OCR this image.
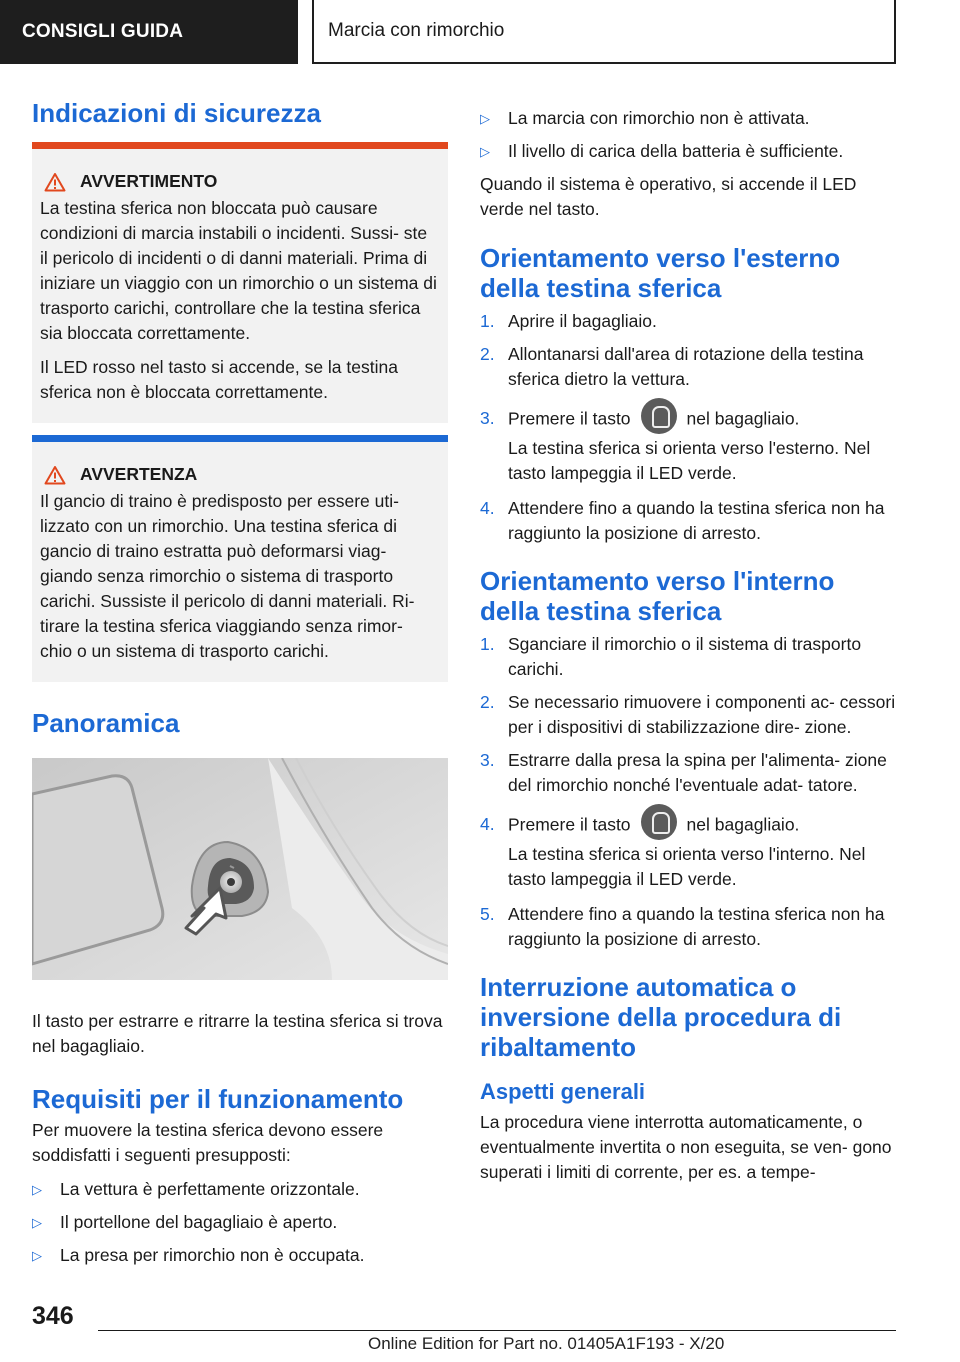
CONSIGLI GUIDA	Marcia con rimorchio
Indicazioni di sicurezza
AVVERTIMENTO

La testina sferica non bloccata può causare condizioni di marcia instabili o incidenti. Sussi- ste il pericolo di incidenti o di danni materiali. Prima di iniziare un viaggio con un rimorchio o un sistema di trasporto carichi, controllare che la testina sferica sia bloccata correttamente.

Il LED rosso nel tasto si accende, se la testina sferica non è bloccata correttamente.

AVVERTENZA

Il gancio di traino è predisposto per essere uti- lizzato con un rimorchio. Una testina sferica di gancio di traino estratta può deformarsi viag- giando senza rimorchio o sistema di trasporto carichi. Sussiste il pericolo di danni materiali. Ri- tirare la testina sferica viaggiando senza rimor- chio o un sistema di trasporto carichi.

Panoramica

Il tasto per estrarre e ritrarre la testina sferica si trova nel bagagliaio.

Requisiti per il funzionamento

Per muovere la testina sferica devono essere soddisfatti i seguenti presupposti:

▷	La vettura è perfettamente orizzontale.
▷	Il portellone del bagagliaio è aperto.
▷	La presa per rimorchio non è occupata.
▷	La marcia con rimorchio non è attivata.
▷	Il livello di carica della batteria è sufficiente.

Quando il sistema è operativo, si accende il LED verde nel tasto.

Orientamento verso l'esterno della testina sferica
1. Aprire il bagagliaio.
2. Allontanarsi dall'area di rotazione della testina sferica dietro la vettura.
3. Premere il tasto	nel bagagliaio.

La testina sferica si orienta verso l'esterno. Nel tasto lampeggia il LED verde.

4. Attendere fino a quando la testina sferica non ha raggiunto la posizione di arresto.
Orientamento verso l'interno della testina sferica
1. Sganciare il rimorchio o il sistema di trasporto carichi.
2. Se necessario rimuovere i componenti ac- cessori per i dispositivi di stabilizzazione dire- zione.
3. Estrarre dalla presa la spina per l'alimenta- zione del rimorchio nonché l'eventuale adat- tatore.
4. Premere il tasto	nel bagagliaio.

La testina sferica si orienta verso l'interno. Nel tasto lampeggia il LED verde.

5. Attendere fino a quando la testina sferica non ha raggiunto la posizione di arresto.
Interruzione automatica o inversione della procedura di ribaltamento
Aspetti generali

La procedura viene interrotta automaticamente, o eventualmente invertita o non eseguita, se ven- gono superati i limiti di corrente, per es. a tempe-

346
Online Edition for Part no. 01405A1F193 - X/20
